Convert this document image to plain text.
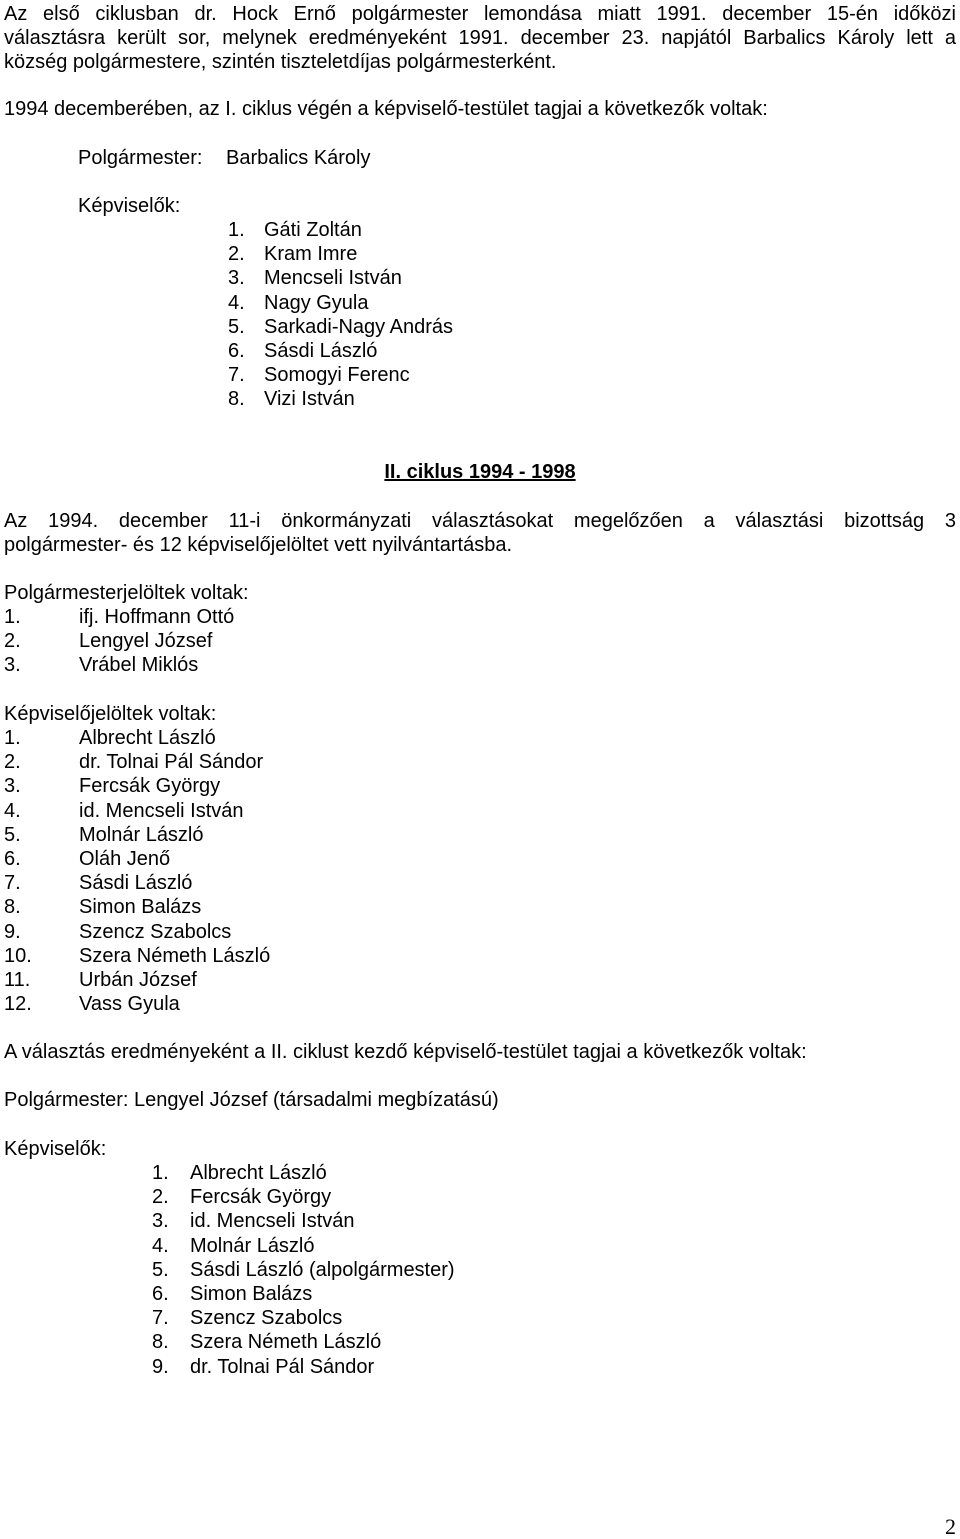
Az első ciklusban dr. Hock Ernő polgármester lemondása miatt 1991. december 15-én időközi
választásra került sor, melynek eredményeként 1991. december 23. napjától Barbalics Károly lett a
község polgármestere, szintén tiszteletdíjas polgármesterként.
1994 decemberében, az I. ciklus végén a képviselő-testület tagjai a következők voltak:
Polgármester: Barbalics Károly
Képviselők:
1. Gáti Zoltán
2. Kram Imre
3. Mencseli István
4. Nagy Gyula
5. Sarkadi-Nagy András
6. Sásdi László
7. Somogyi Ferenc
8. Vizi István
II. ciklus 1994 - 1998
Az 1994. december 11-i önkormányzati választásokat megelőzően a választási bizottság 3
polgármester- és 12 képviselőjelöltet vett nyilvántartásba.
Polgármesterjelöltek voltak:
1.	ifj. Hoffmann Ottó
2.	Lengyel József
3.	Vrábel Miklós
Képviselőjelöltek voltak:
1.	Albrecht László
2.	dr. Tolnai Pál Sándor
3.	Fercsák György
4.	id. Mencseli István
5.	Molnár László
6.	Oláh Jenő
7.	Sásdi László
8.	Simon Balázs
9.	Szencz Szabolcs
10. Szera Németh László
11. Urbán József
12. Vass Gyula
A választás eredményeként a II. ciklust kezdő képviselő-testület tagjai a következők voltak:
Polgármester: Lengyel József (társadalmi megbízatású)
Képviselők:
1. Albrecht László
2. Fercsák György
3. id. Mencseli István
4. Molnár László
5. Sásdi László (alpolgármester)
6. Simon Balázs
7. Szencz Szabolcs
8. Szera Németh László
9. dr. Tolnai Pál Sándor
2
